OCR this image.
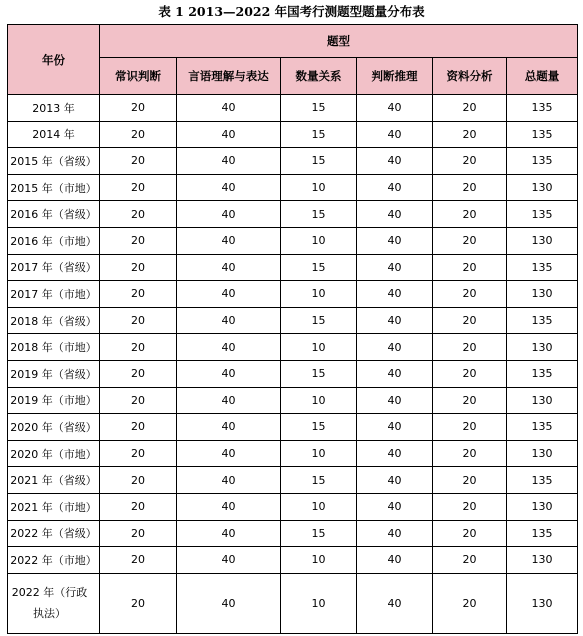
表 1 2013—2022 年国考行测题型题量分布表
年份	题型					
	常识判断	言语理解与表达	数量关系	判断推理	资料分析	总题量
2013 年	20	40	15	40	20	135
2014 年	20	40	15	40	20	135
2015 年（省级）	20	40	15	40	20	135
2015 年（市地）	20	40	10	40	20	130
2016 年（省级）	20	40	15	40	20	135
2016 年（市地）	20	40	10	40	20	130
2017 年（省级）	20	40	15	40	20	135
2017 年（市地）	20	40	10	40	20	130
2018 年（省级）	20	40	15	40	20	135
2018 年（市地）	20	40	10	40	20	130
2019 年（省级）	20	40	15	40	20	135
2019 年（市地）	20	40	10	40	20	130
2020 年（省级）	20	40	15	40	20	135
2020 年（市地）	20	40	10	40	20	130
2021 年（省级）	20	40	15	40	20	135
2021 年（市地）	20	40	10	40	20	130
2022 年（省级）	20	40	15	40	20	135
2022 年（市地）	20	40	10	40	20	130
2022 年（行政执法）	20	40	10	40	20	130
